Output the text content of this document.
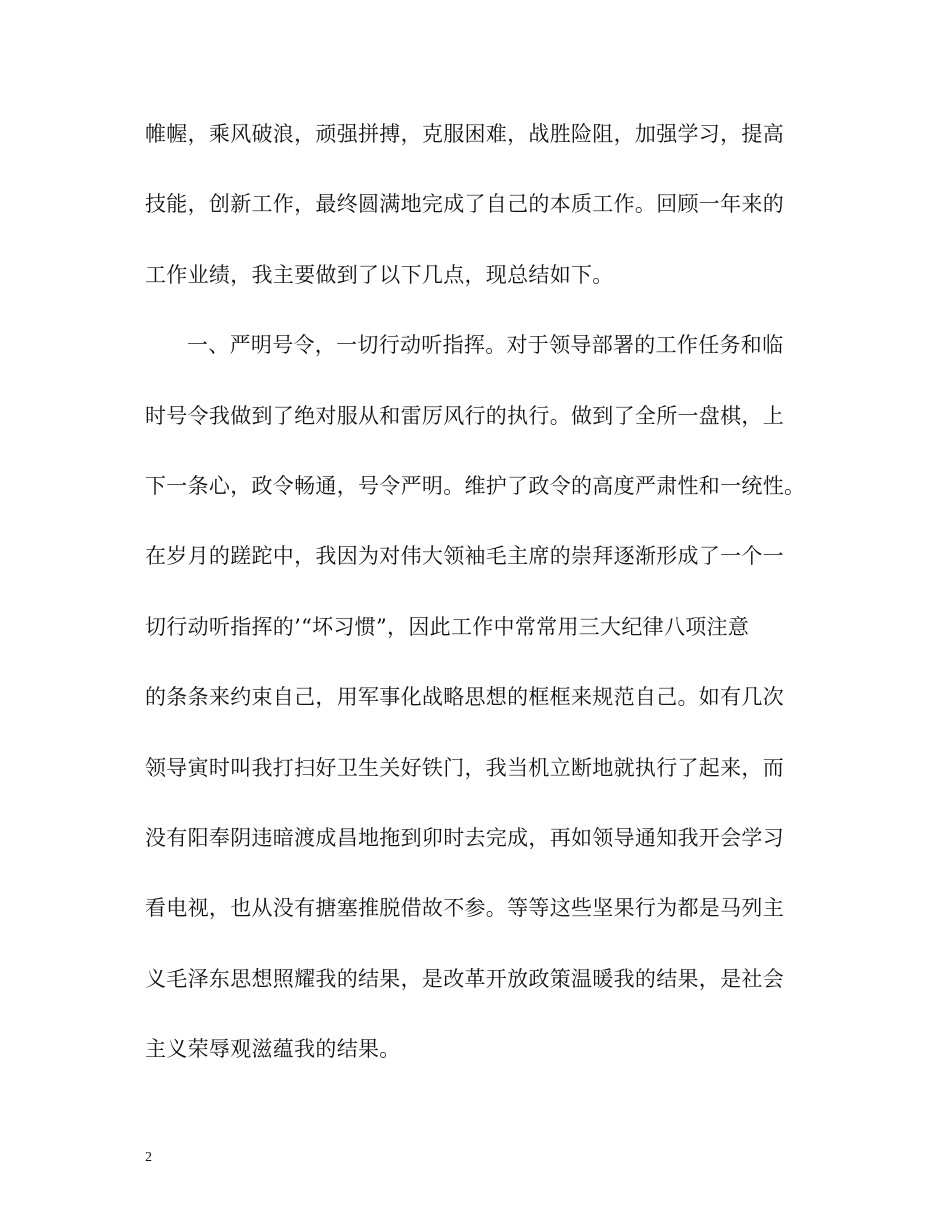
帷幄，乘风破浪，顽强拼搏，克服困难，战胜险阻，加强学习，提高
技能，创新工作，最终圆满地完成了自己的本质工作。回顾一年来的
工作业绩，我主要做到了以下几点，现总结如下。
一、严明号令，一切行动听指挥。对于领导部署的工作任务和临
时号令我做到了绝对服从和雷厉风行的执行。做到了全所一盘棋，上
下一条心，政令畅通，号令严明。维护了政令的高度严肃性和一统性。
在岁月的蹉跎中，我因为对伟大领袖毛主席的崇拜逐渐形成了一个一
切行动听指挥的’“坏习惯”，因此工作中常常用三大纪律八项注意
的条条来约束自己，用军事化战略思想的框框来规范自己。如有几次
领导寅时叫我打扫好卫生关好铁门，我当机立断地就执行了起来，而
没有阳奉阴违暗渡成昌地拖到卯时去完成，再如领导通知我开会学习
看电视，也从没有搪塞推脱借故不参。等等这些坚果行为都是马列主
义毛泽东思想照耀我的结果，是改革开放政策温暖我的结果，是社会
主义荣辱观滋蕴我的结果。
2
